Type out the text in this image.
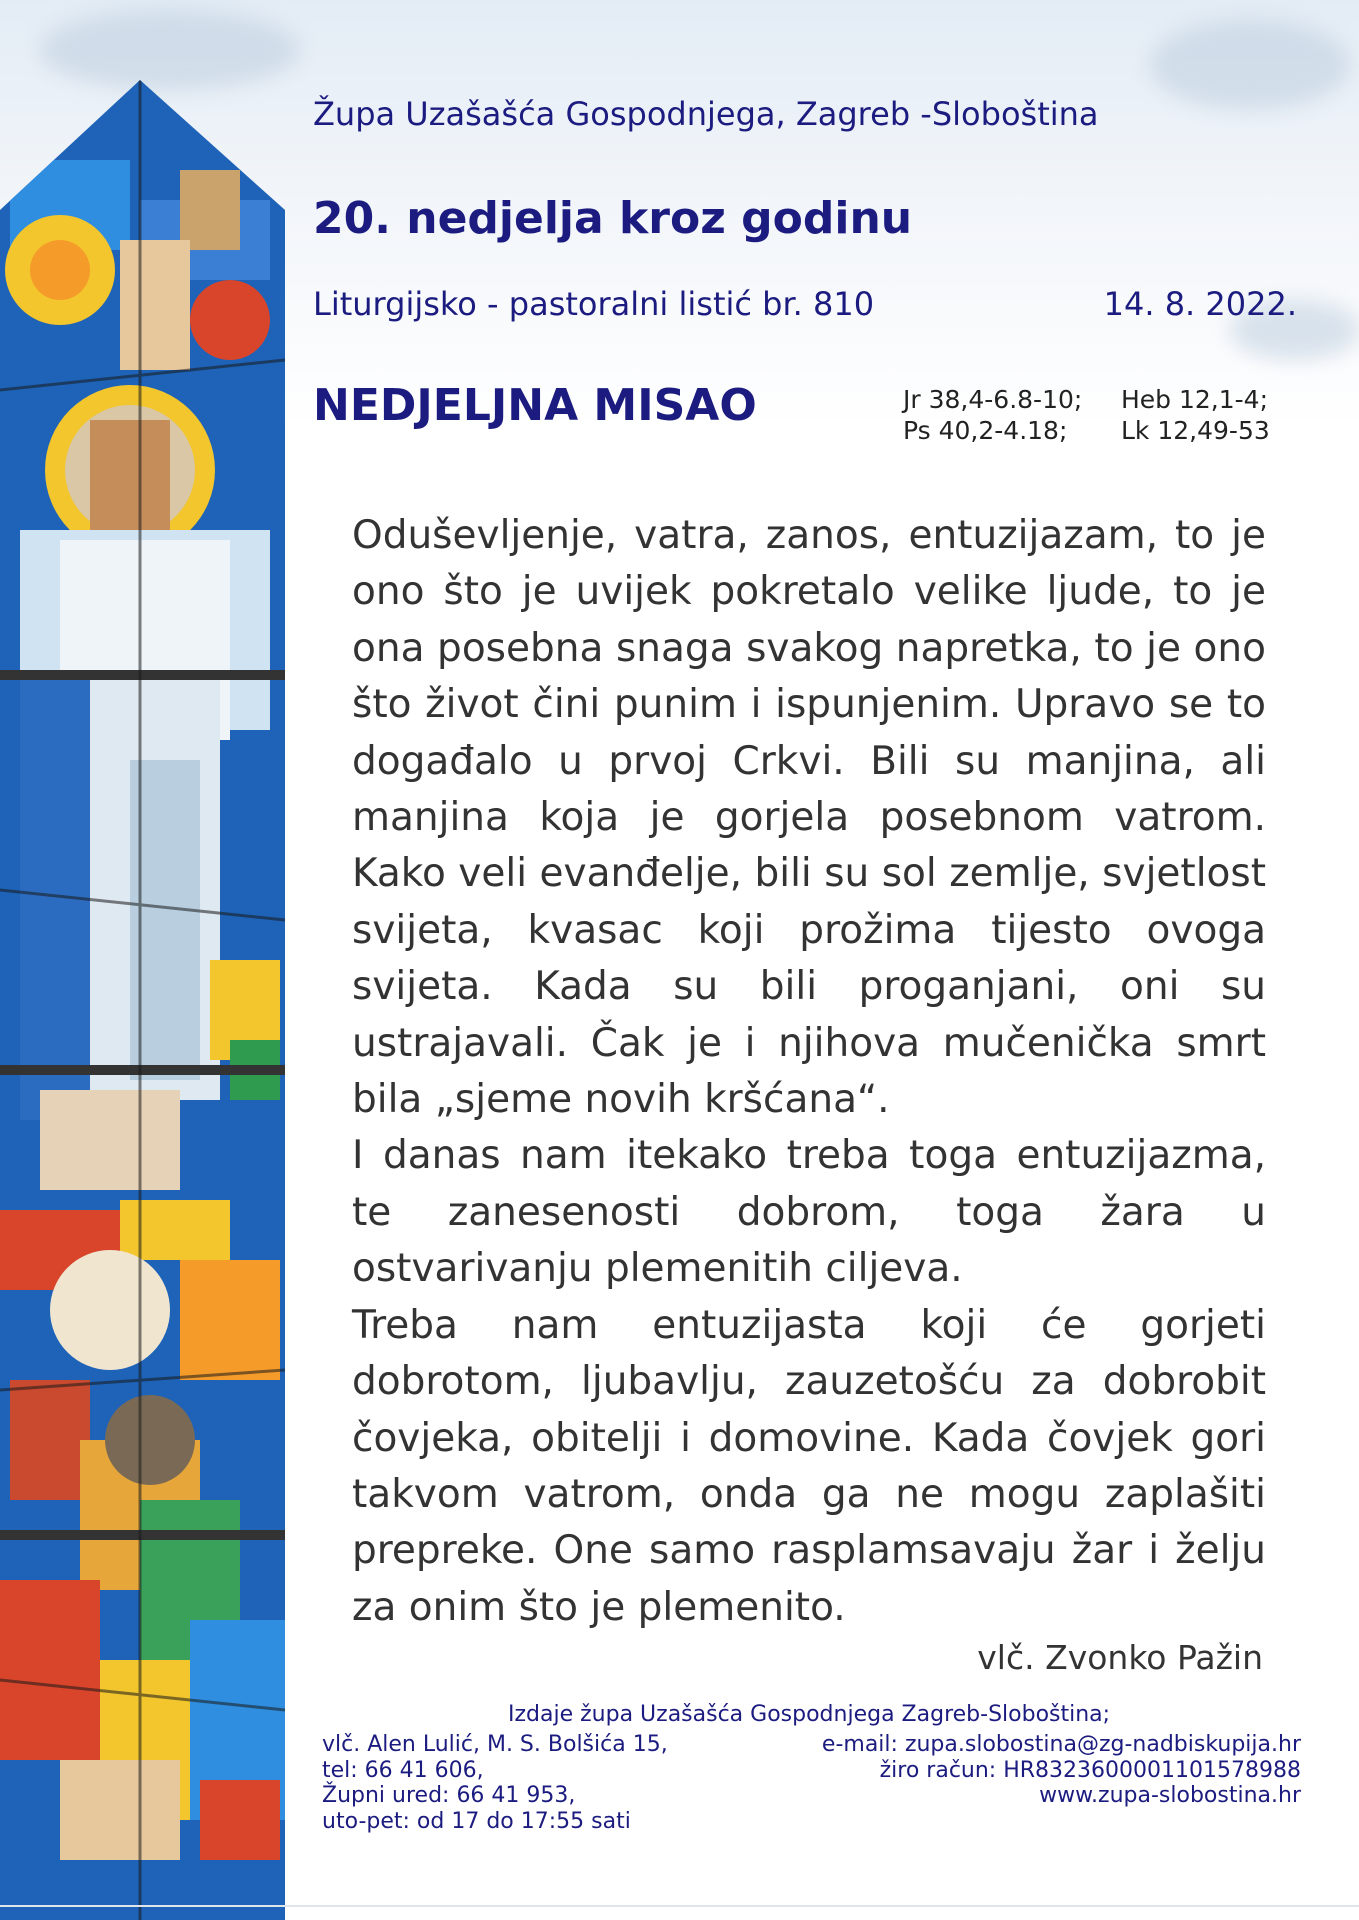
Župa Uzašašća Gospodnjega, Zagreb -Sloboština
20. nedjelja kroz godinu
Liturgijsko - pastoralni listić br. 810	14. 8. 2022.
NEDJELJNA MISAO	Jr 38,4-6.8-10;	Heb 12,1-4;
Ps 40,2-4.18;	Lk 12,49-53

Oduševljenje, vatra, zanos, entuzijazam, to je ono što je uvijek pokretalo velike ljude, to je ona posebna snaga svakog napretka, to je ono što život čini punim i ispunjenim. Upravo se to događalo u prvoj Crkvi. Bili su manjina, ali manjina koja je gorjela posebnom vatrom. Kako veli evanđelje, bili su sol zemlje, svjetlost svijeta, kvasac koji prožima tijesto ovoga svijeta. Kada su bili proganjani, oni su ustrajavali. Čak je i njihova mučenička smrt bila „sjeme novih kršćana“.

I danas nam itekako treba toga entuzijazma, te zanesenosti dobrom, toga žara u ostvarivanju plemenitih ciljeva.

Treba nam entuzijasta koji će gorjeti dobrotom, ljubavlju, zauzetošću za dobrobit čovjeka, obitelji i domovine. Kada čovjek gori takvom vatrom, onda ga ne mogu zaplašiti prepreke. One samo rasplamsavaju žar i želju za onim što je plemenito.

vlč. Zvonko Pažin
Izdaje župa Uzašašća Gospodnjega Zagreb-Sloboština;
vlč. Alen Lulić, M. S. Bolšića 15,
tel: 66 41 606,
Župni ured: 66 41 953,
uto-pet: od 17 do 17:55 sati
e-mail: zupa.slobostina@zg-nadbiskupija.hr
žiro račun: HR8323600001101578988
www.zupa-slobostina.hr
